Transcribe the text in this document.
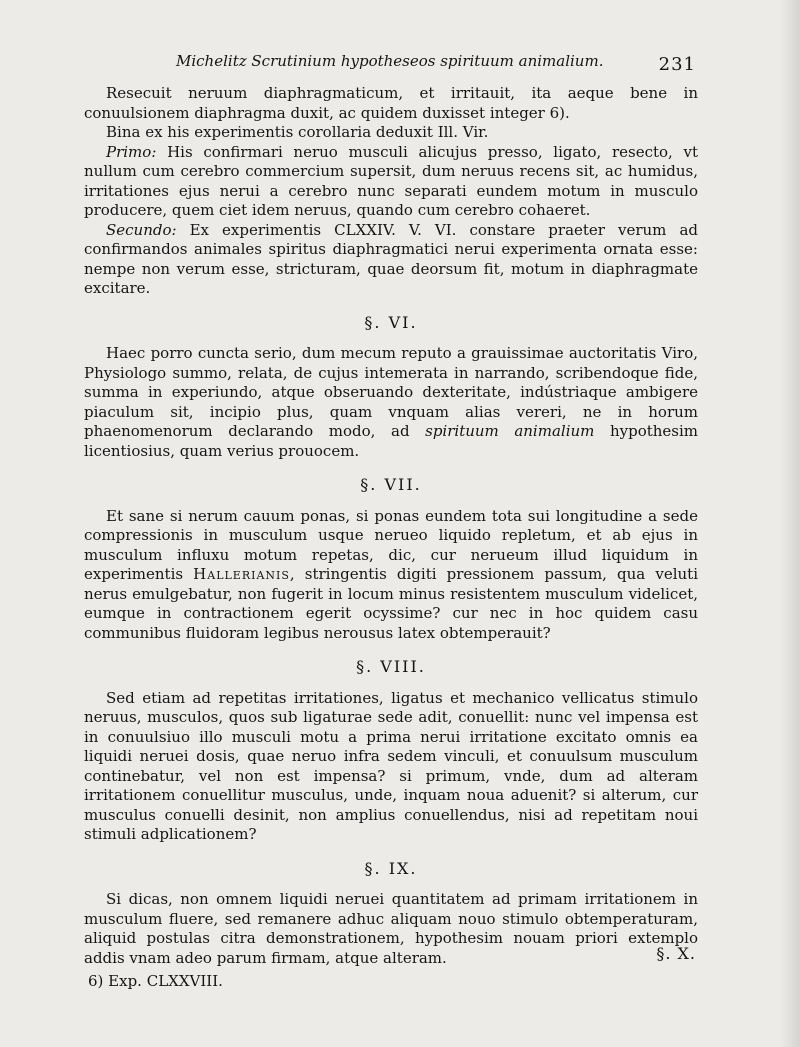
Michelitz Scrutinium hypotheseos spirituum animalium.	231

Resecuit neruum diaphragmaticum, et irritauit, ita aeque bene in conuulsionem diaphragma duxit, ac quidem duxisset integer 6).

Bina ex his experimentis corollaria deduxit Ill. Vir.

Primo: His confirmari neruo musculi alicujus presso, ligato, resecto, vt nullum cum cerebro commercium supersit, dum neruus recens sit, ac humidus, irritationes ejus nerui a cerebro nunc separati eundem motum in musculo producere, quem ciet idem neruus, quando cum cerebro cohaeret.

Secundo: Ex experimentis CLXXIV. V. VI. constare praeter verum ad confirmandos animales spiritus diaphragmatici nerui experimenta ornata esse: nempe non verum esse, stricturam, quae deorsum fit, motum in diaphragmate excitare.

§. VI.

Haec porro cuncta serio, dum mecum reputo a grauissimae auctoritatis Viro, Physiologo summo, relata, de cujus intemerata in narrando, scribendoque fide, summa in experiundo, atque obseruando dexteritate, indústriaque ambigere piaculum sit, incipio plus, quam vnquam alias vereri, ne in horum phaenomenorum declarando modo, ad spirituum animalium hypothesim licentiosius, quam verius prouocem.

§. VII.

Et sane si nerum cauum ponas, si ponas eundem tota sui longitudine a sede compressionis in musculum usque nerueo liquido repletum, et ab ejus in musculum influxu motum repetas, dic, cur nerueum illud liquidum in experimentis Hallerianis, stringentis digiti pressionem passum, qua veluti nerus emulgebatur, non fugerit in locum minus resistentem musculum videlicet, eumque in contractionem egerit ocyssime? cur nec in hoc quidem casu communibus fluidoram legibus nerousus latex obtemperauit?

§. VIII.

Sed etiam ad repetitas irritationes, ligatus et mechanico vellicatus stimulo neruus, musculos, quos sub ligaturae sede adit, conuellit: nunc vel impensa est in conuulsiuo illo musculi motu a prima nerui irritatione excitato omnis ea liquidi neruei dosis, quae neruo infra sedem vinculi, et conuulsum musculum continebatur, vel non est impensa? si primum, vnde, dum ad alteram irritationem conuellitur musculus, unde, inquam noua aduenit? si alterum, cur musculus conuelli desinit, non amplius conuellendus, nisi ad repetitam noui stimuli adplicationem?

§. IX.

Si dicas, non omnem liquidi neruei quantitatem ad primam irritationem in musculum fluere, sed remanere adhuc aliquam nouo stimulo obtemperaturam, aliquid postulas citra demonstrationem, hypothesim nouam priori extemplo addis vnam adeo parum firmam, atque alteram.	§. X.
6) Exp. CLXXVIII.
